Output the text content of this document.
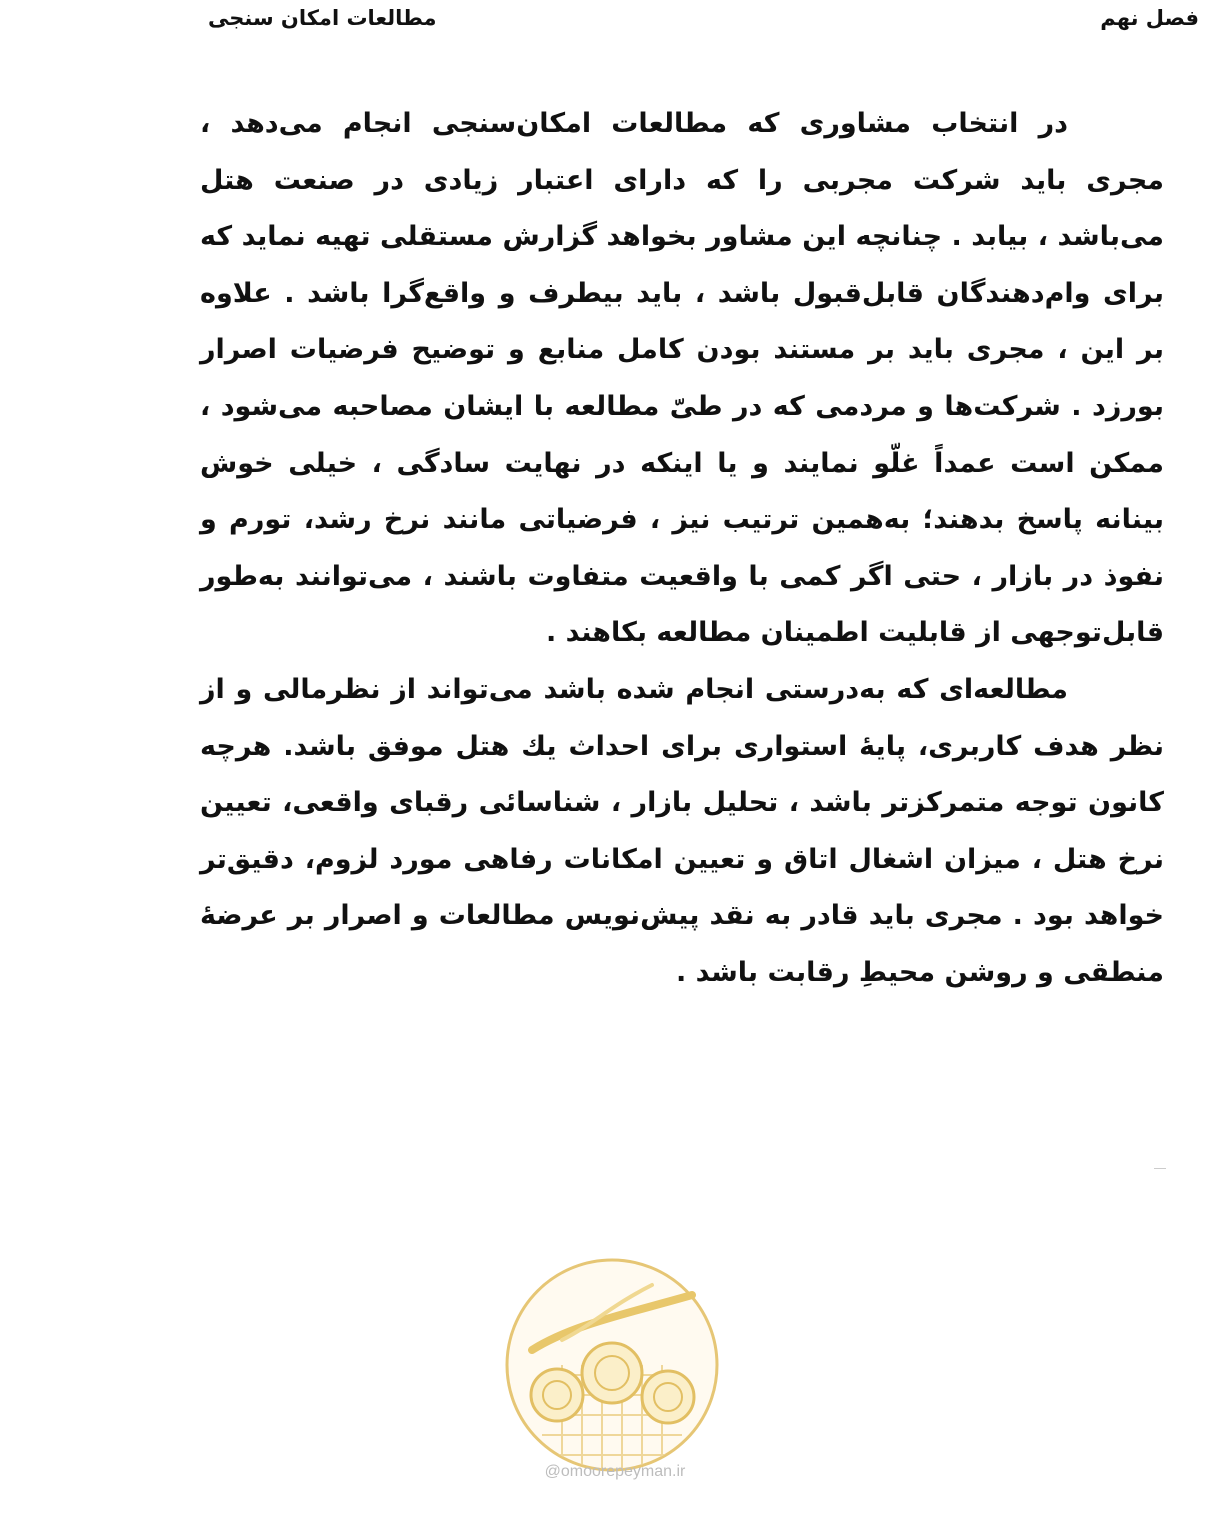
فصل نهم
مطالعات امکان سنجی

در انتخاب مشاوری که مطالعات امکان‌سنجی انجام می‌دهد ، مجری باید شرکت مجربی را که دارای اعتبار زیادی در صنعت هتل می‌باشد ، بیابد . چنانچه این مشاور بخواهد گزارش مستقلی تهیه نماید که برای وام‌دهندگان قابل‌قبول باشد ، باید بیطرف و واقع‌گرا باشد . علاوه بر این ، مجری باید بر مستند بودن کامل منابع و توضیح فرضیات اصرار بورزد . شرکت‌ها و مردمی که در طیّ مطالعه با ایشان مصاحبه می‌شود ، ممکن است عمداً غلّو نمایند و یا اینکه در نهایت سادگی ، خیلی خوش بینانه پاسخ بدهند؛ به‌همین ترتیب نیز ، فرضیاتی مانند نرخ رشد، تورم و نفوذ در بازار ، حتی اگر کمی با واقعیت متفاوت باشند ، می‌توانند به‌طور قابل‌توجهی از قابلیت اطمینان مطالعه بکاهند .

مطالعه‌ای که به‌درستی انجام شده باشد می‌تواند از نظرمالی و از نظر هدف کاربری، پایهٔ استواری برای احداث یك هتل موفق باشد. هرچه کانون توجه متمرکزتر باشد ، تحلیل بازار ، شناسائی رقبای واقعی، تعیین نرخ هتل ، میزان اشغال اتاق و تعیین امکانات رفاهی مورد لزوم، دقیق‌تر خواهد بود . مجری باید قادر به نقد پیش‌نویس مطالعات و اصرار بر عرضهٔ منطقی و روشن محیطِ رقابت باشد .

@omoorepeyman.ir
